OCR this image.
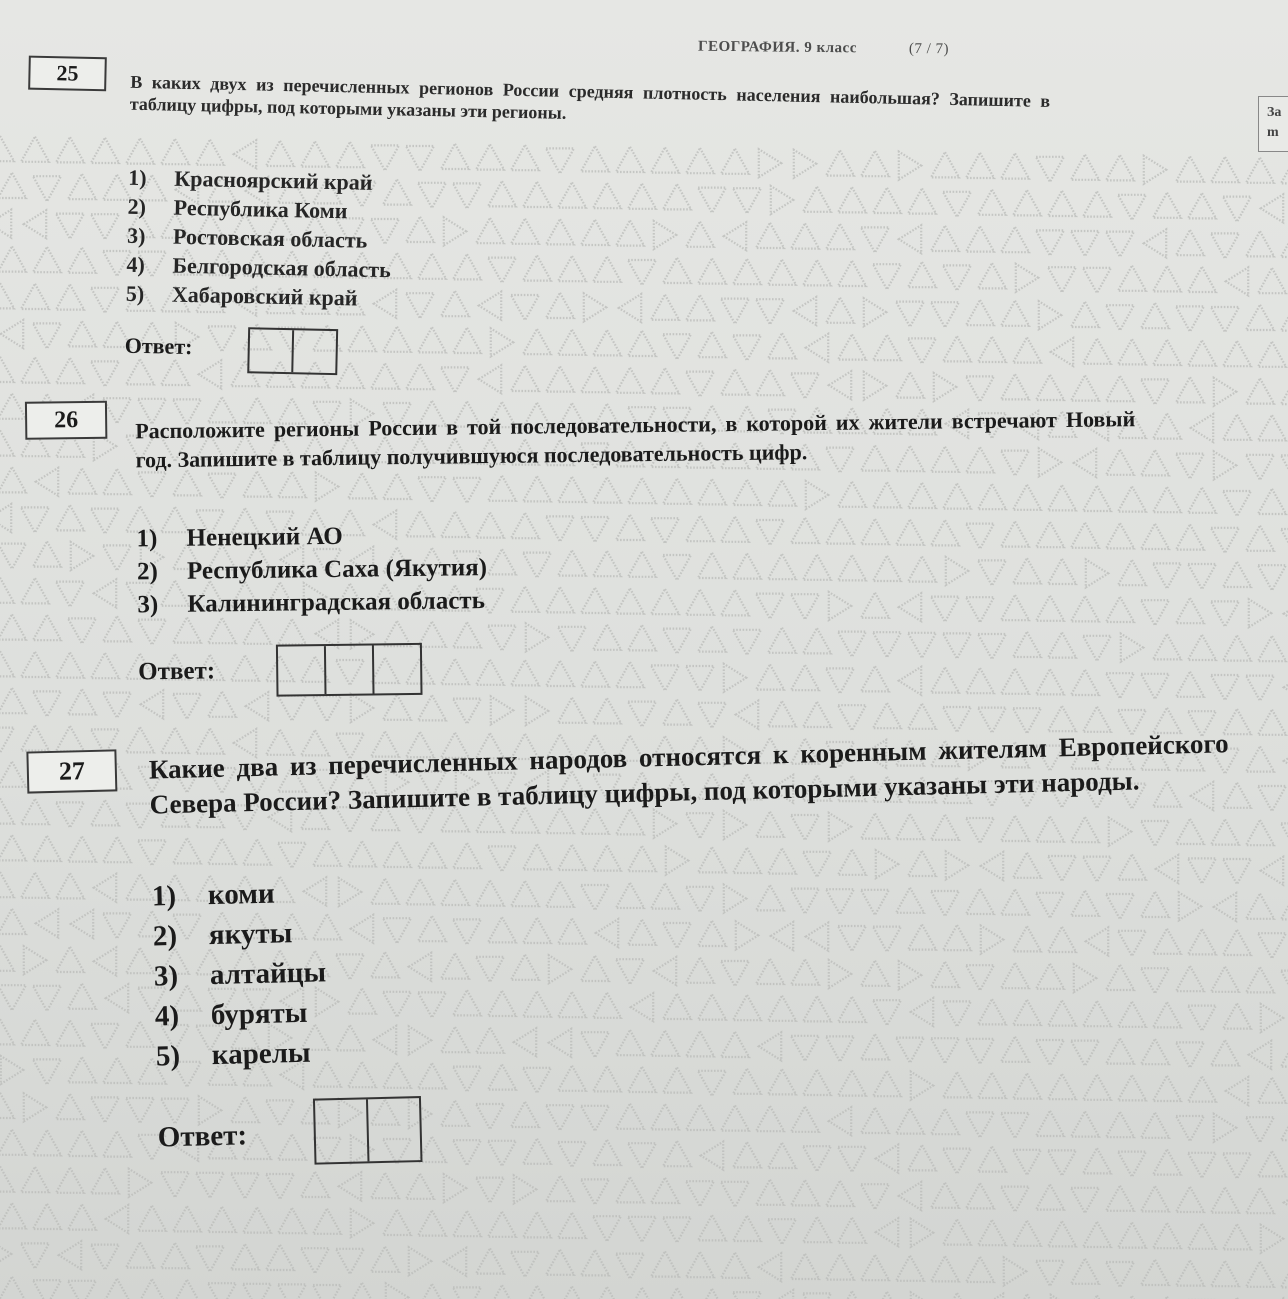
ГЕОГРАФИЯ. 9 класс	(7 / 7)
За
m
25	В каких двух из перечисленных регионов России средняя плотность населения наибольшая? Запишите в таблицу цифры, под которыми указаны эти регионы.
1) Красноярский край
2) Республика Коми
3) Ростовская область
4) Белгородская область
5) Хабаровский край
Ответ:
26	Расположите регионы России в той последовательности, в которой их жители встречают Новый год. Запишите в таблицу получившуюся последовательность цифр.
1) Ненецкий АО
2) Республика Саха (Якутия)
3) Калининградская область
Ответ:
27	Какие два из перечисленных народов относятся к коренным жителям Европейского Севера России? Запишите в таблицу цифры, под которыми указаны эти народы.
1) коми
2) якуты
3) алтайцы
4) буряты
5) карелы
Ответ:
